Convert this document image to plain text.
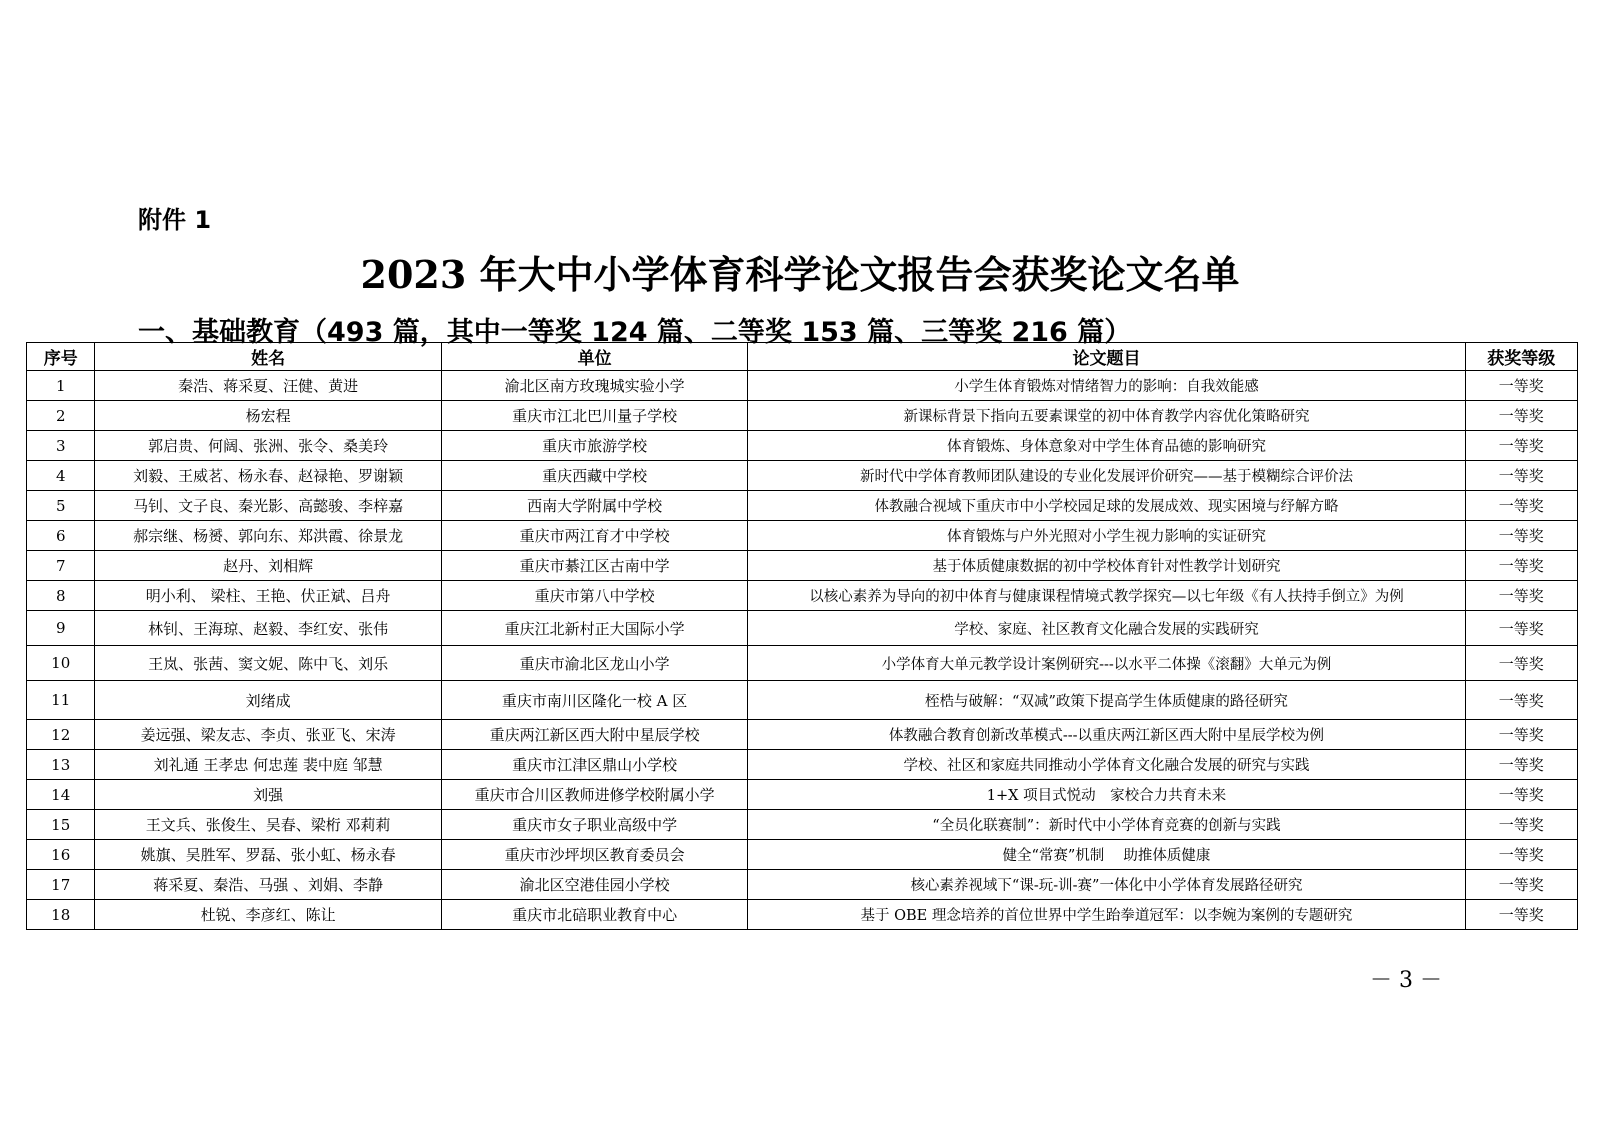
附件 1
2023 年大中小学体育科学论文报告会获奖论文名单
一、基础教育（493 篇，其中一等奖 124 篇、二等奖 153 篇、三等奖 216 篇）
序号	姓名	单位	论文题目	获奖等级
1	秦浩、蒋采夏、汪健、黄进	渝北区南方玫瑰城实验小学	小学生体育锻炼对情绪智力的影响：自我效能感	一等奖
2	杨宏程	重庆市江北巴川量子学校	新课标背景下指向五要素课堂的初中体育教学内容优化策略研究	一等奖
3	郭启贵、何阔、张洲、张令、桑美玲	重庆市旅游学校	体育锻炼、身体意象对中学生体育品德的影响研究	一等奖
4	刘毅、王威茗、杨永春、赵禄艳、罗谢颖	重庆西藏中学校	新时代中学体育教师团队建设的专业化发展评价研究——基于模糊综合评价法	一等奖
5	马钊、文子良、秦光影、高懿骏、李梓嘉	西南大学附属中学校	体教融合视域下重庆市中小学校园足球的发展成效、现实困境与纾解方略	一等奖
6	郝宗继、杨赟、郭向东、郑洪霞、徐景龙	重庆市两江育才中学校	体育锻炼与户外光照对小学生视力影响的实证研究	一等奖
7	赵丹、刘相辉	重庆市綦江区古南中学	基于体质健康数据的初中学校体育针对性教学计划研究	一等奖
8	明小利、 梁柱、王艳、伏正斌、吕舟	重庆市第八中学校	以核心素养为导向的初中体育与健康课程情境式教学探究—以七年级《有人扶持手倒立》为例	一等奖
9	林钊、王海琼、赵毅、李红安、张伟	重庆江北新村正大国际小学	学校、家庭、社区教育文化融合发展的实践研究	一等奖
10	王岚、张茜、窦文妮、陈中飞、刘乐	重庆市渝北区龙山小学	小学体育大单元教学设计案例研究---以水平二体操《滚翻》大单元为例	一等奖
11	刘绪成	重庆市南川区隆化一校 A 区	桎梏与破解：“双减”政策下提高学生体质健康的路径研究	一等奖
12	姜远强、梁友志、李贞、张亚飞、宋涛	重庆两江新区西大附中星辰学校	体教融合教育创新改革模式---以重庆两江新区西大附中星辰学校为例	一等奖
13	刘礼通 王孝忠 何忠莲 裴中庭 邹慧	重庆市江津区鼎山小学校	学校、社区和家庭共同推动小学体育文化融合发展的研究与实践	一等奖
14	刘强	重庆市合川区教师进修学校附属小学	1+X 项目式悦动　家校合力共育未来	一等奖
15	王文兵、张俊生、吴春、梁桁 邓莉莉	重庆市女子职业高级中学	“全员化联赛制”：新时代中小学体育竞赛的创新与实践	一等奖
16	姚旗、吴胜军、罗磊、张小虹、杨永春	重庆市沙坪坝区教育委员会	健全“常赛”机制　 助推体质健康	一等奖
17	蒋采夏、秦浩、马强 、刘娟、李静	渝北区空港佳园小学校	核心素养视域下“课-玩-训-赛”一体化中小学体育发展路径研究	一等奖
18	杜锐、李彦红、陈让	重庆市北碚职业教育中心	基于 OBE 理念培养的首位世界中学生跆拳道冠军：以李婉为案例的专题研究	一等奖
－ 3 －
